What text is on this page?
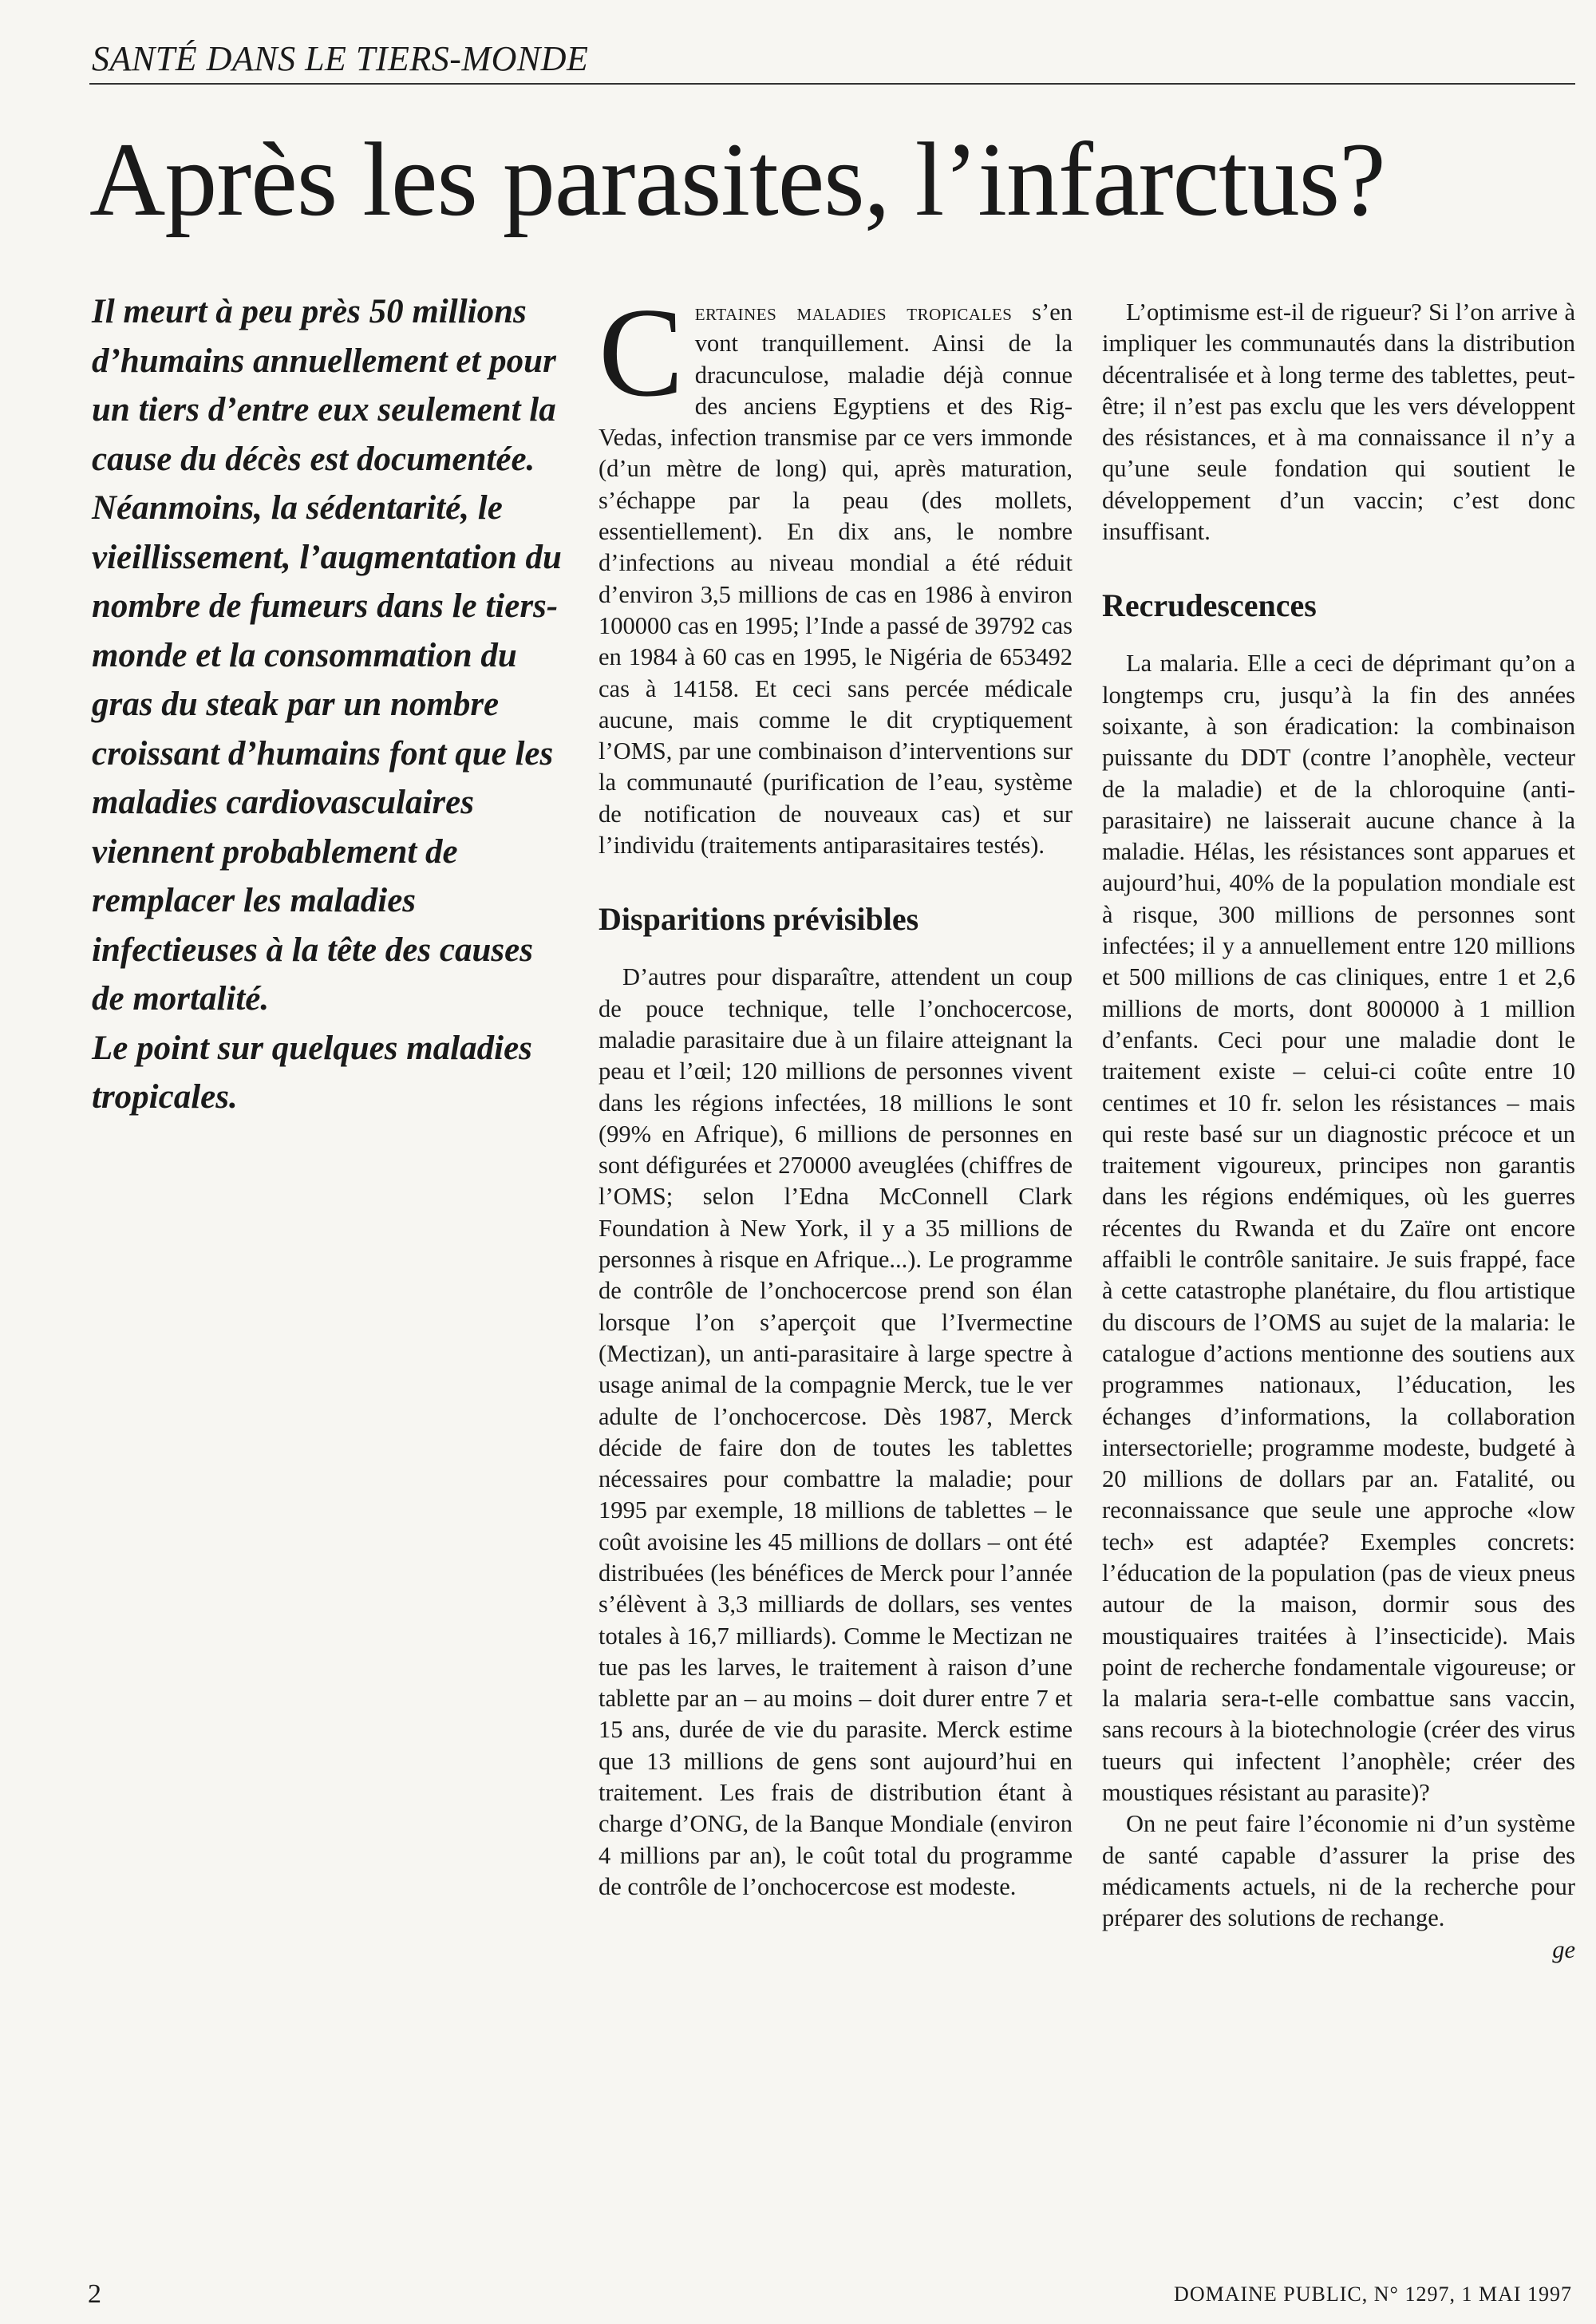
SANTÉ DANS LE TIERS-MONDE
Après les parasites, l’infarctus?

Il meurt à peu près 50 millions d’humains annuellement et pour un tiers d’entre eux seulement la cause du décès est documentée.

Néanmoins, la sédentarité, le vieillissement, l’augmentation du nombre de fumeurs dans le tiers-monde et la consommation du gras du steak par un nombre croissant d’humains font que les maladies cardiovasculaires viennent probablement de remplacer les maladies infectieuses à la tête des causes de mortalité.

Le point sur quelques maladies tropicales.

Certaines maladies tropicales s’en vont tranquillement. Ainsi de la dracunculose, maladie déjà connue des anciens Egyptiens et des Rig-Vedas, infection transmise par ce vers immonde (d’un mètre de long) qui, après maturation, s’échappe par la peau (des mollets, essentiellement). En dix ans, le nombre d’infections au niveau mondial a été réduit d’environ 3,5 millions de cas en 1986 à environ 100000 cas en 1995; l’Inde a passé de 39792 cas en 1984 à 60 cas en 1995, le Nigéria de 653492 cas à 14158. Et ceci sans percée médicale aucune, mais comme le dit cryptiquement l’OMS, par une combinaison d’interventions sur la communauté (purification de l’eau, système de notification de nouveaux cas) et sur l’individu (traitements antiparasitaires testés).

Disparitions prévisibles

D’autres pour disparaître, attendent un coup de pouce technique, telle l’onchocercose, maladie parasitaire due à un filaire atteignant la peau et l’œil; 120 millions de personnes vivent dans les régions infectées, 18 millions le sont (99% en Afrique), 6 millions de personnes en sont défigurées et 270000 aveuglées (chiffres de l’OMS; selon l’Edna McConnell Clark Foundation à New York, il y a 35 millions de personnes à risque en Afrique...). Le programme de contrôle de l’onchocercose prend son élan lorsque l’on s’aperçoit que l’Ivermectine (Mectizan), un anti-parasitaire à large spectre à usage animal de la compagnie Merck, tue le ver adulte de l’onchocercose. Dès 1987, Merck décide de faire don de toutes les tablettes nécessaires pour combattre la maladie; pour 1995 par exemple, 18 millions de tablettes – le coût avoisine les 45 millions de dollars – ont été distribuées (les bénéfices de Merck pour l’année s’élèvent à 3,3 milliards de dollars, ses ventes totales à 16,7 milliards). Comme le Mectizan ne tue pas les larves, le traitement à raison d’une tablette par an – au moins – doit durer entre 7 et 15 ans, durée de vie du parasite. Merck estime que 13 millions de gens sont aujourd’hui en traitement. Les frais de distribution étant à charge d’ONG, de la Banque Mondiale (environ 4 millions par an), le coût total du programme de contrôle de l’onchocercose est modeste.

L’optimisme est-il de rigueur? Si l’on arrive à impliquer les communautés dans la distribution décentralisée et à long terme des tablettes, peut-être; il n’est pas exclu que les vers développent des résistances, et à ma connaissance il n’y a qu’une seule fondation qui soutient le développement d’un vaccin; c’est donc insuffisant.

Recrudescences

La malaria. Elle a ceci de déprimant qu’on a longtemps cru, jusqu’à la fin des années soixante, à son éradication: la combinaison puissante du DDT (contre l’anophèle, vecteur de la maladie) et de la chloroquine (anti-parasitaire) ne laisserait aucune chance à la maladie. Hélas, les résistances sont apparues et aujourd’hui, 40% de la population mondiale est à risque, 300 millions de personnes sont infectées; il y a annuellement entre 120 millions et 500 millions de cas cliniques, entre 1 et 2,6 millions de morts, dont 800000 à 1 million d’enfants. Ceci pour une maladie dont le traitement existe – celui-ci coûte entre 10 centimes et 10 fr. selon les résistances – mais qui reste basé sur un diagnostic précoce et un traitement vigoureux, principes non garantis dans les régions endémiques, où les guerres récentes du Rwanda et du Zaïre ont encore affaibli le contrôle sanitaire. Je suis frappé, face à cette catastrophe planétaire, du flou artistique du discours de l’OMS au sujet de la malaria: le catalogue d’actions mentionne des soutiens aux programmes nationaux, l’éducation, les échanges d’informations, la collaboration intersectorielle; programme modeste, budgeté à 20 millions de dollars par an. Fatalité, ou reconnaissance que seule une approche «low tech» est adaptée? Exemples concrets: l’éducation de la population (pas de vieux pneus autour de la maison, dormir sous des moustiquaires traitées à l’insecticide). Mais point de recherche fondamentale vigoureuse; or la malaria sera-t-elle combattue sans vaccin, sans recours à la biotechnologie (créer des virus tueurs qui infectent l’anophèle; créer des moustiques résistant au parasite)?

On ne peut faire l’économie ni d’un système de santé capable d’assurer la prise des médicaments actuels, ni de la recherche pour préparer des solutions de rechange.

ge
2	DOMAINE PUBLIC, N° 1297, 1 MAI 1997
